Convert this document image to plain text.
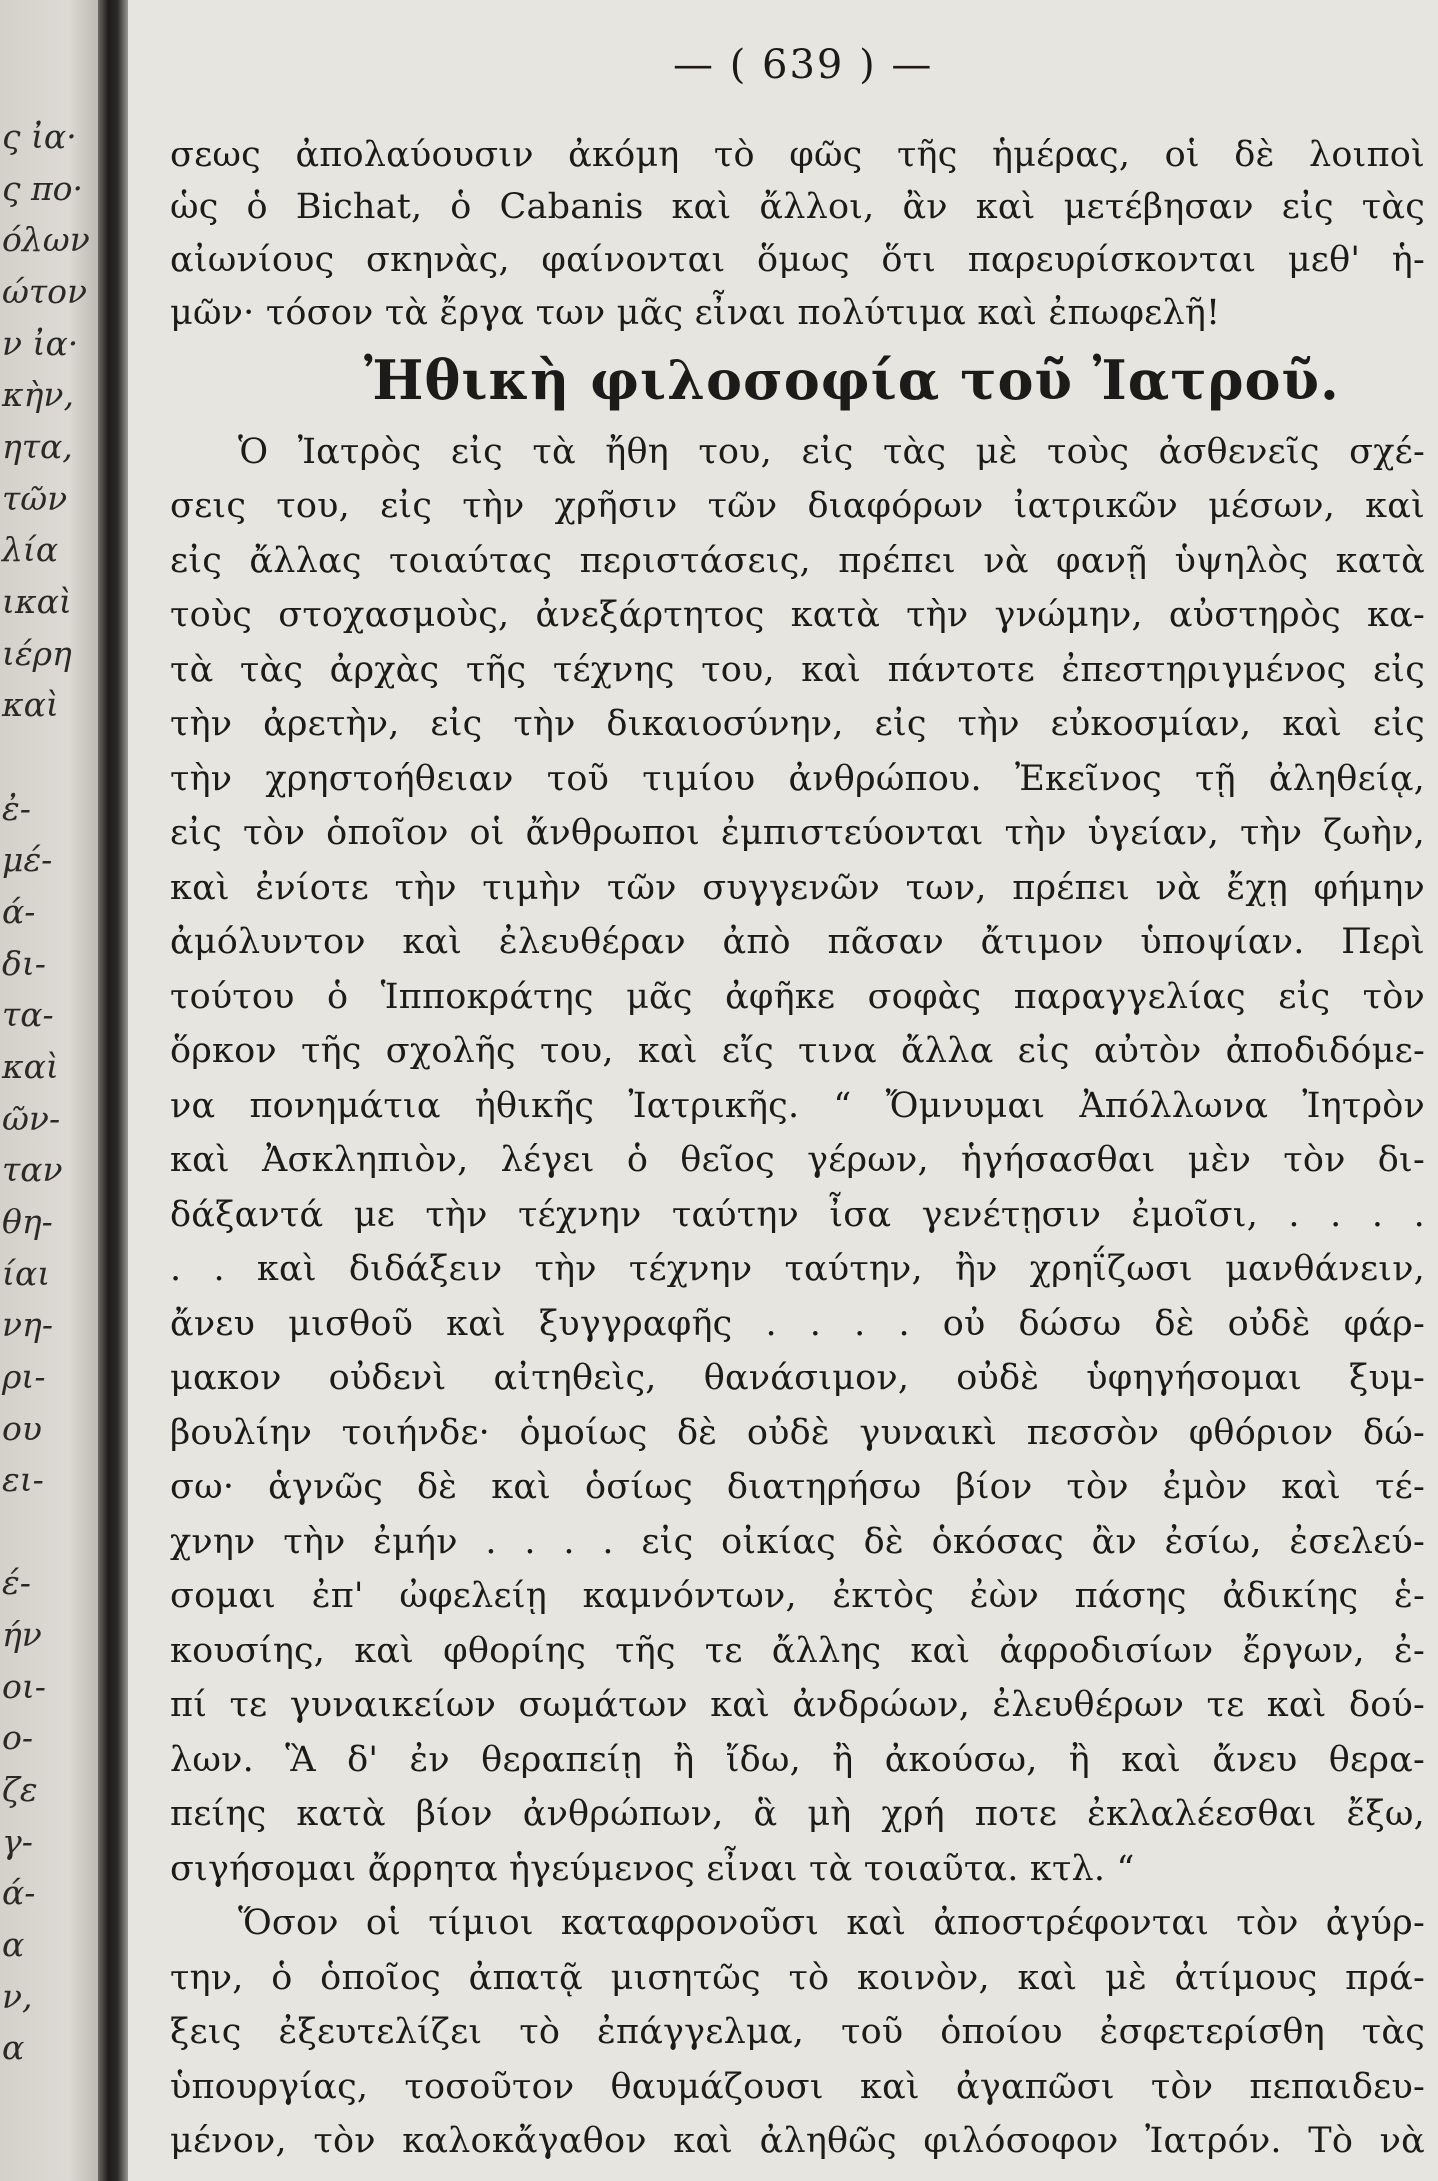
ς ἰα·
ς πο·
όλων
ώτον
ν ἰα·
κὴν,
ητα,
τῶν
λία
ικαὶ
ιέρη
καὶ
ἐ-
μέ-
ά-
δι-
τα-
καὶ
ῶν-
ταν
θη-
ίαι
νη-
ρι-
ου
ει-
έ-
ήν
οι-
ο-
ζε
γ-
ά-
α
ν,
α
— ( 639 ) —
σεως ἀπολαύουσιν ἀκόμη τὸ φῶς τῆς ἡμέρας, οἱ δὲ λοιποὶ
ὡς ὁ Bichat, ὁ Cabanis καὶ ἄλλοι, ἂν καὶ μετέβησαν εἰς τὰς
αἰωνίους σκηνὰς, φαίνονται ὅμως ὅτι παρευρίσκονται μεθ' ἡ-
μῶν· τόσον τὰ ἔργα των μᾶς εἶναι πολύτιμα καὶ ἐπωφελῆ!
Ἠθικὴ φιλοσοφία τοῦ Ἰατροῦ.
Ὁ Ἰατρὸς εἰς τὰ ἤθη του, εἰς τὰς μὲ τοὺς ἀσθενεῖς σχέ-
σεις του, εἰς τὴν χρῆσιν τῶν διαφόρων ἰατρικῶν μέσων, καὶ
εἰς ἄλλας τοιαύτας περιστάσεις, πρέπει νὰ φανῇ ὑψηλὸς κατὰ
τοὺς στοχασμοὺς, ἀνεξάρτητος κατὰ τὴν γνώμην, αὐστηρὸς κα-
τὰ τὰς ἀρχὰς τῆς τέχνης του, καὶ πάντοτε ἐπεστηριγμένος εἰς
τὴν ἀρετὴν, εἰς τὴν δικαιοσύνην, εἰς τὴν εὐκοσμίαν, καὶ εἰς
τὴν χρηστοήθειαν τοῦ τιμίου ἀνθρώπου. Ἐκεῖνος τῇ ἀληθείᾳ,
εἰς τὸν ὁποῖον οἱ ἄνθρωποι ἐμπιστεύονται τὴν ὑγείαν, τὴν ζωὴν,
καὶ ἐνίοτε τὴν τιμὴν τῶν συγγενῶν των, πρέπει νὰ ἔχῃ φήμην
ἀμόλυντον καὶ ἐλευθέραν ἀπὸ πᾶσαν ἄτιμον ὑποψίαν. Περὶ
τούτου ὁ Ἱπποκράτης μᾶς ἀφῆκε σοφὰς παραγγελίας εἰς τὸν
ὅρκον τῆς σχολῆς του, καὶ εἴς τινα ἄλλα εἰς αὐτὸν ἀποδιδόμε-
να πονημάτια ἠθικῆς Ἰατρικῆς. “ Ὄμνυμαι Ἀπόλλωνα Ἰητρὸν
καὶ Ἀσκληπιὸν, λέγει ὁ θεῖος γέρων, ἡγήσασθαι μὲν τὸν δι-
δάξαντά με τὴν τέχνην ταύτην ἶσα γενέτῃσιν ἐμοῖσι, . . . .
. . καὶ διδάξειν τὴν τέχνην ταύτην, ἢν χρηΐζωσι μανθάνειν,
ἄνευ μισθοῦ καὶ ξυγγραφῆς . . . . οὐ δώσω δὲ οὐδὲ φάρ-
μακον οὐδενὶ αἰτηθεὶς, θανάσιμον, οὐδὲ ὑφηγήσομαι ξυμ-
βουλίην τοιήνδε· ὁμοίως δὲ οὐδὲ γυναικὶ πεσσὸν φθόριον δώ-
σω· ἁγνῶς δὲ καὶ ὁσίως διατηρήσω βίον τὸν ἐμὸν καὶ τέ-
χνην τὴν ἐμήν . . . . εἰς οἰκίας δὲ ὁκόσας ἂν ἐσίω, ἐσελεύ-
σομαι ἐπ' ὠφελείῃ καμνόντων, ἐκτὸς ἐὼν πάσης ἀδικίης ἑ-
κουσίης, καὶ φθορίης τῆς τε ἄλλης καὶ ἀφροδισίων ἔργων, ἐ-
πί τε γυναικείων σωμάτων καὶ ἀνδρώων, ἐλευθέρων τε καὶ δού-
λων. Ἃ δ' ἐν θεραπείῃ ἢ ἴδω, ἢ ἀκούσω, ἢ καὶ ἄνευ θερα-
πείης κατὰ βίον ἀνθρώπων, ἃ μὴ χρή ποτε ἐκλαλέεσθαι ἔξω,
σιγήσομαι ἄρρητα ἡγεύμενος εἶναι τὰ τοιαῦτα. κτλ. “
Ὅσον οἱ τίμιοι καταφρονοῦσι καὶ ἀποστρέφονται τὸν ἀγύρ-
την, ὁ ὁποῖος ἀπατᾷ μισητῶς τὸ κοινὸν, καὶ μὲ ἀτίμους πρά-
ξεις ἐξευτελίζει τὸ ἐπάγγελμα, τοῦ ὁποίου ἐσφετερίσθη τὰς
ὑπουργίας, τοσοῦτον θαυμάζουσι καὶ ἀγαπῶσι τὸν πεπαιδευ-
μένον, τὸν καλοκἄγαθον καὶ ἀληθῶς φιλόσοφον Ἰατρόν. Τὸ νὰ
